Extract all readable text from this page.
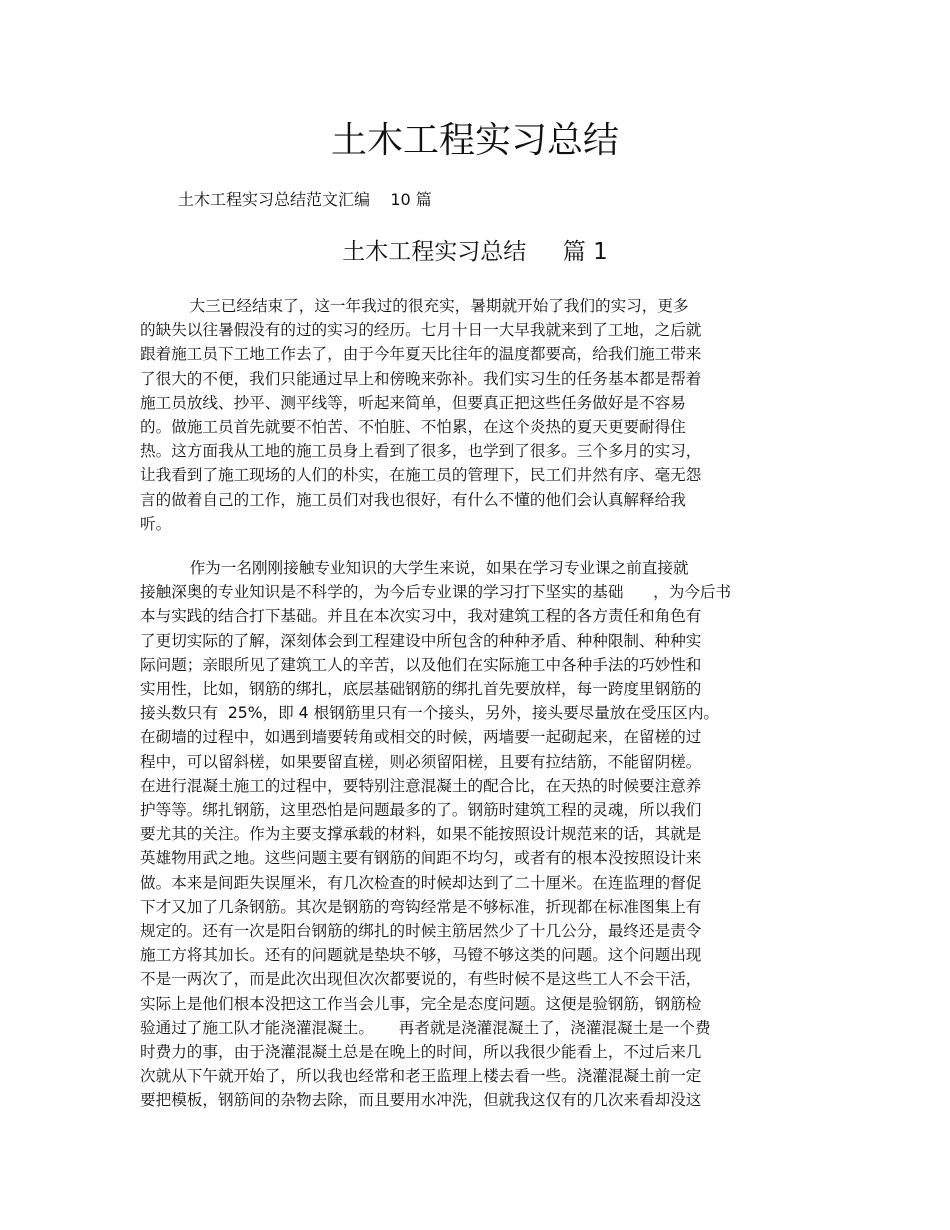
土木工程实习总结

土木工程实习总结范文汇编    10 篇

土木工程实习总结     篇 1
大三已经结束了，这一年我过的很充实，暑期就开始了我们的实习，更多
的缺失以往暑假没有的过的实习的经历。七月十日一大早我就来到了工地，之后就
跟着施工员下工地工作去了，由于今年夏天比往年的温度都要高，给我们施工带来
了很大的不便，我们只能通过早上和傍晚来弥补。我们实习生的任务基本都是帮着
施工员放线、抄平、测平线等，听起来简单，但要真正把这些任务做好是不容易
的。做施工员首先就要不怕苦、不怕脏、不怕累，在这个炎热的夏天更要耐得住
热。这方面我从工地的施工员身上看到了很多，也学到了很多。三个多月的实习，
让我看到了施工现场的人们的朴实，在施工员的管理下，民工们井然有序、毫无怨
言的做着自己的工作，施工员们对我也很好，有什么不懂的他们会认真解释给我
听。
作为一名刚刚接触专业知识的大学生来说，如果在学习专业课之前直接就
接触深奥的专业知识是不科学的，为今后专业课的学习打下坚实的基础      ，为今后书
本与实践的结合打下基础。并且在本次实习中，我对建筑工程的各方责任和角色有
了更切实际的了解，深刻体会到工程建设中所包含的种种矛盾、种种限制、种种实
际问题；亲眼所见了建筑工人的辛苦，以及他们在实际施工中各种手法的巧妙性和
实用性，比如，钢筋的绑扎，底层基础钢筋的绑扎首先要放样，每一跨度里钢筋的
接头数只有  25%，即 4 根钢筋里只有一个接头，另外，接头要尽量放在受压区内。
在砌墙的过程中，如遇到墙要转角或相交的时候，两墙要一起砌起来，在留槎的过
程中，可以留斜槎，如果要留直槎，则必须留阳槎，且要有拉结筋，不能留阴槎。
在进行混凝土施工的过程中，要特别注意混凝土的配合比，在天热的时候要注意养
护等等。绑扎钢筋，这里恐怕是问题最多的了。钢筋时建筑工程的灵魂，所以我们
要尤其的关注。作为主要支撑承载的材料，如果不能按照设计规范来的话，其就是
英雄物用武之地。这些问题主要有钢筋的间距不均匀，或者有的根本没按照设计来
做。本来是间距失误厘米，有几次检查的时候却达到了二十厘米。在连监理的督促
下才又加了几条钢筋。其次是钢筋的弯钩经常是不够标准，折现都在标准图集上有
规定的。还有一次是阳台钢筋的绑扎的时候主筋居然少了十几公分，最终还是责令
施工方将其加长。还有的问题就是垫块不够，马镫不够这类的问题。这个问题出现
不是一两次了，而是此次出现但次次都要说的，有些时候不是这些工人不会干活，
实际上是他们根本没把这工作当会儿事，完全是态度问题。这便是验钢筋，钢筋检
验通过了施工队才能浇灌混凝土。     再者就是浇灌混凝土了，浇灌混凝土是一个费
时费力的事，由于浇灌混凝土总是在晚上的时间，所以我很少能看上，不过后来几
次就从下午就开始了，所以我也经常和老王监理上楼去看一些。浇灌混凝土前一定
要把模板，钢筋间的杂物去除，而且要用水冲洗，但就我这仅有的几次来看却没这
